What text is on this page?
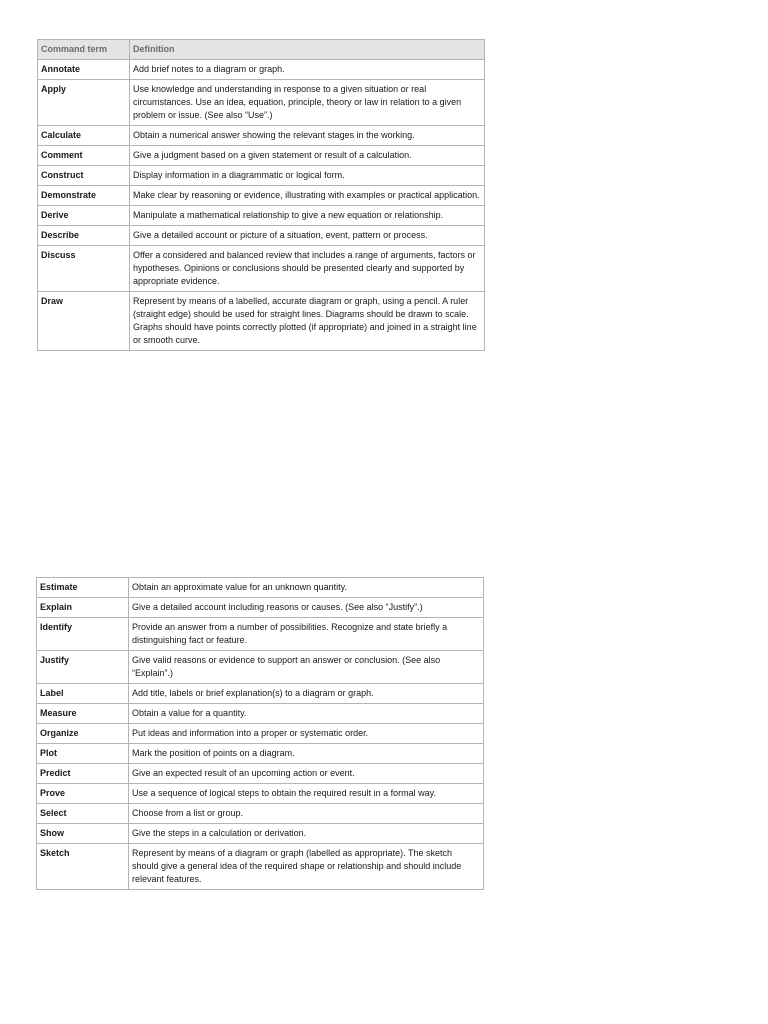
Command term	Definition
Annotate	Add brief notes to a diagram or graph.
Apply	Use knowledge and understanding in response to a given situation or real circumstances. Use an idea, equation, principle, theory or law in relation to a given problem or issue. (See also “Use”.)
Calculate	Obtain a numerical answer showing the relevant stages in the working.
Comment	Give a judgment based on a given statement or result of a calculation.
Construct	Display information in a diagrammatic or logical form.
Demonstrate	Make clear by reasoning or evidence, illustrating with examples or practical application.
Derive	Manipulate a mathematical relationship to give a new equation or relationship.
Describe	Give a detailed account or picture of a situation, event, pattern or process.
Discuss	Offer a considered and balanced review that includes a range of arguments, factors or hypotheses. Opinions or conclusions should be presented clearly and supported by appropriate evidence.
Draw	Represent by means of a labelled, accurate diagram or graph, using a pencil. A ruler (straight edge) should be used for straight lines. Diagrams should be drawn to scale. Graphs should have points correctly plotted (if appropriate) and joined in a straight line or smooth curve.
Estimate	Obtain an approximate value for an unknown quantity.
Explain	Give a detailed account including reasons or causes. (See also “Justify”.)
Identify	Provide an answer from a number of possibilities. Recognize and state briefly a distinguishing fact or feature.
Justify	Give valid reasons or evidence to support an answer or conclusion. (See also “Explain”.)
Label	Add title, labels or brief explanation(s) to a diagram or graph.
Measure	Obtain a value for a quantity.
Organize	Put ideas and information into a proper or systematic order.
Plot	Mark the position of points on a diagram.
Predict	Give an expected result of an upcoming action or event.
Prove	Use a sequence of logical steps to obtain the required result in a formal way.
Select	Choose from a list or group.
Show	Give the steps in a calculation or derivation.
Sketch	Represent by means of a diagram or graph (labelled as appropriate). The sketch should give a general idea of the required shape or relationship and should include relevant features.
